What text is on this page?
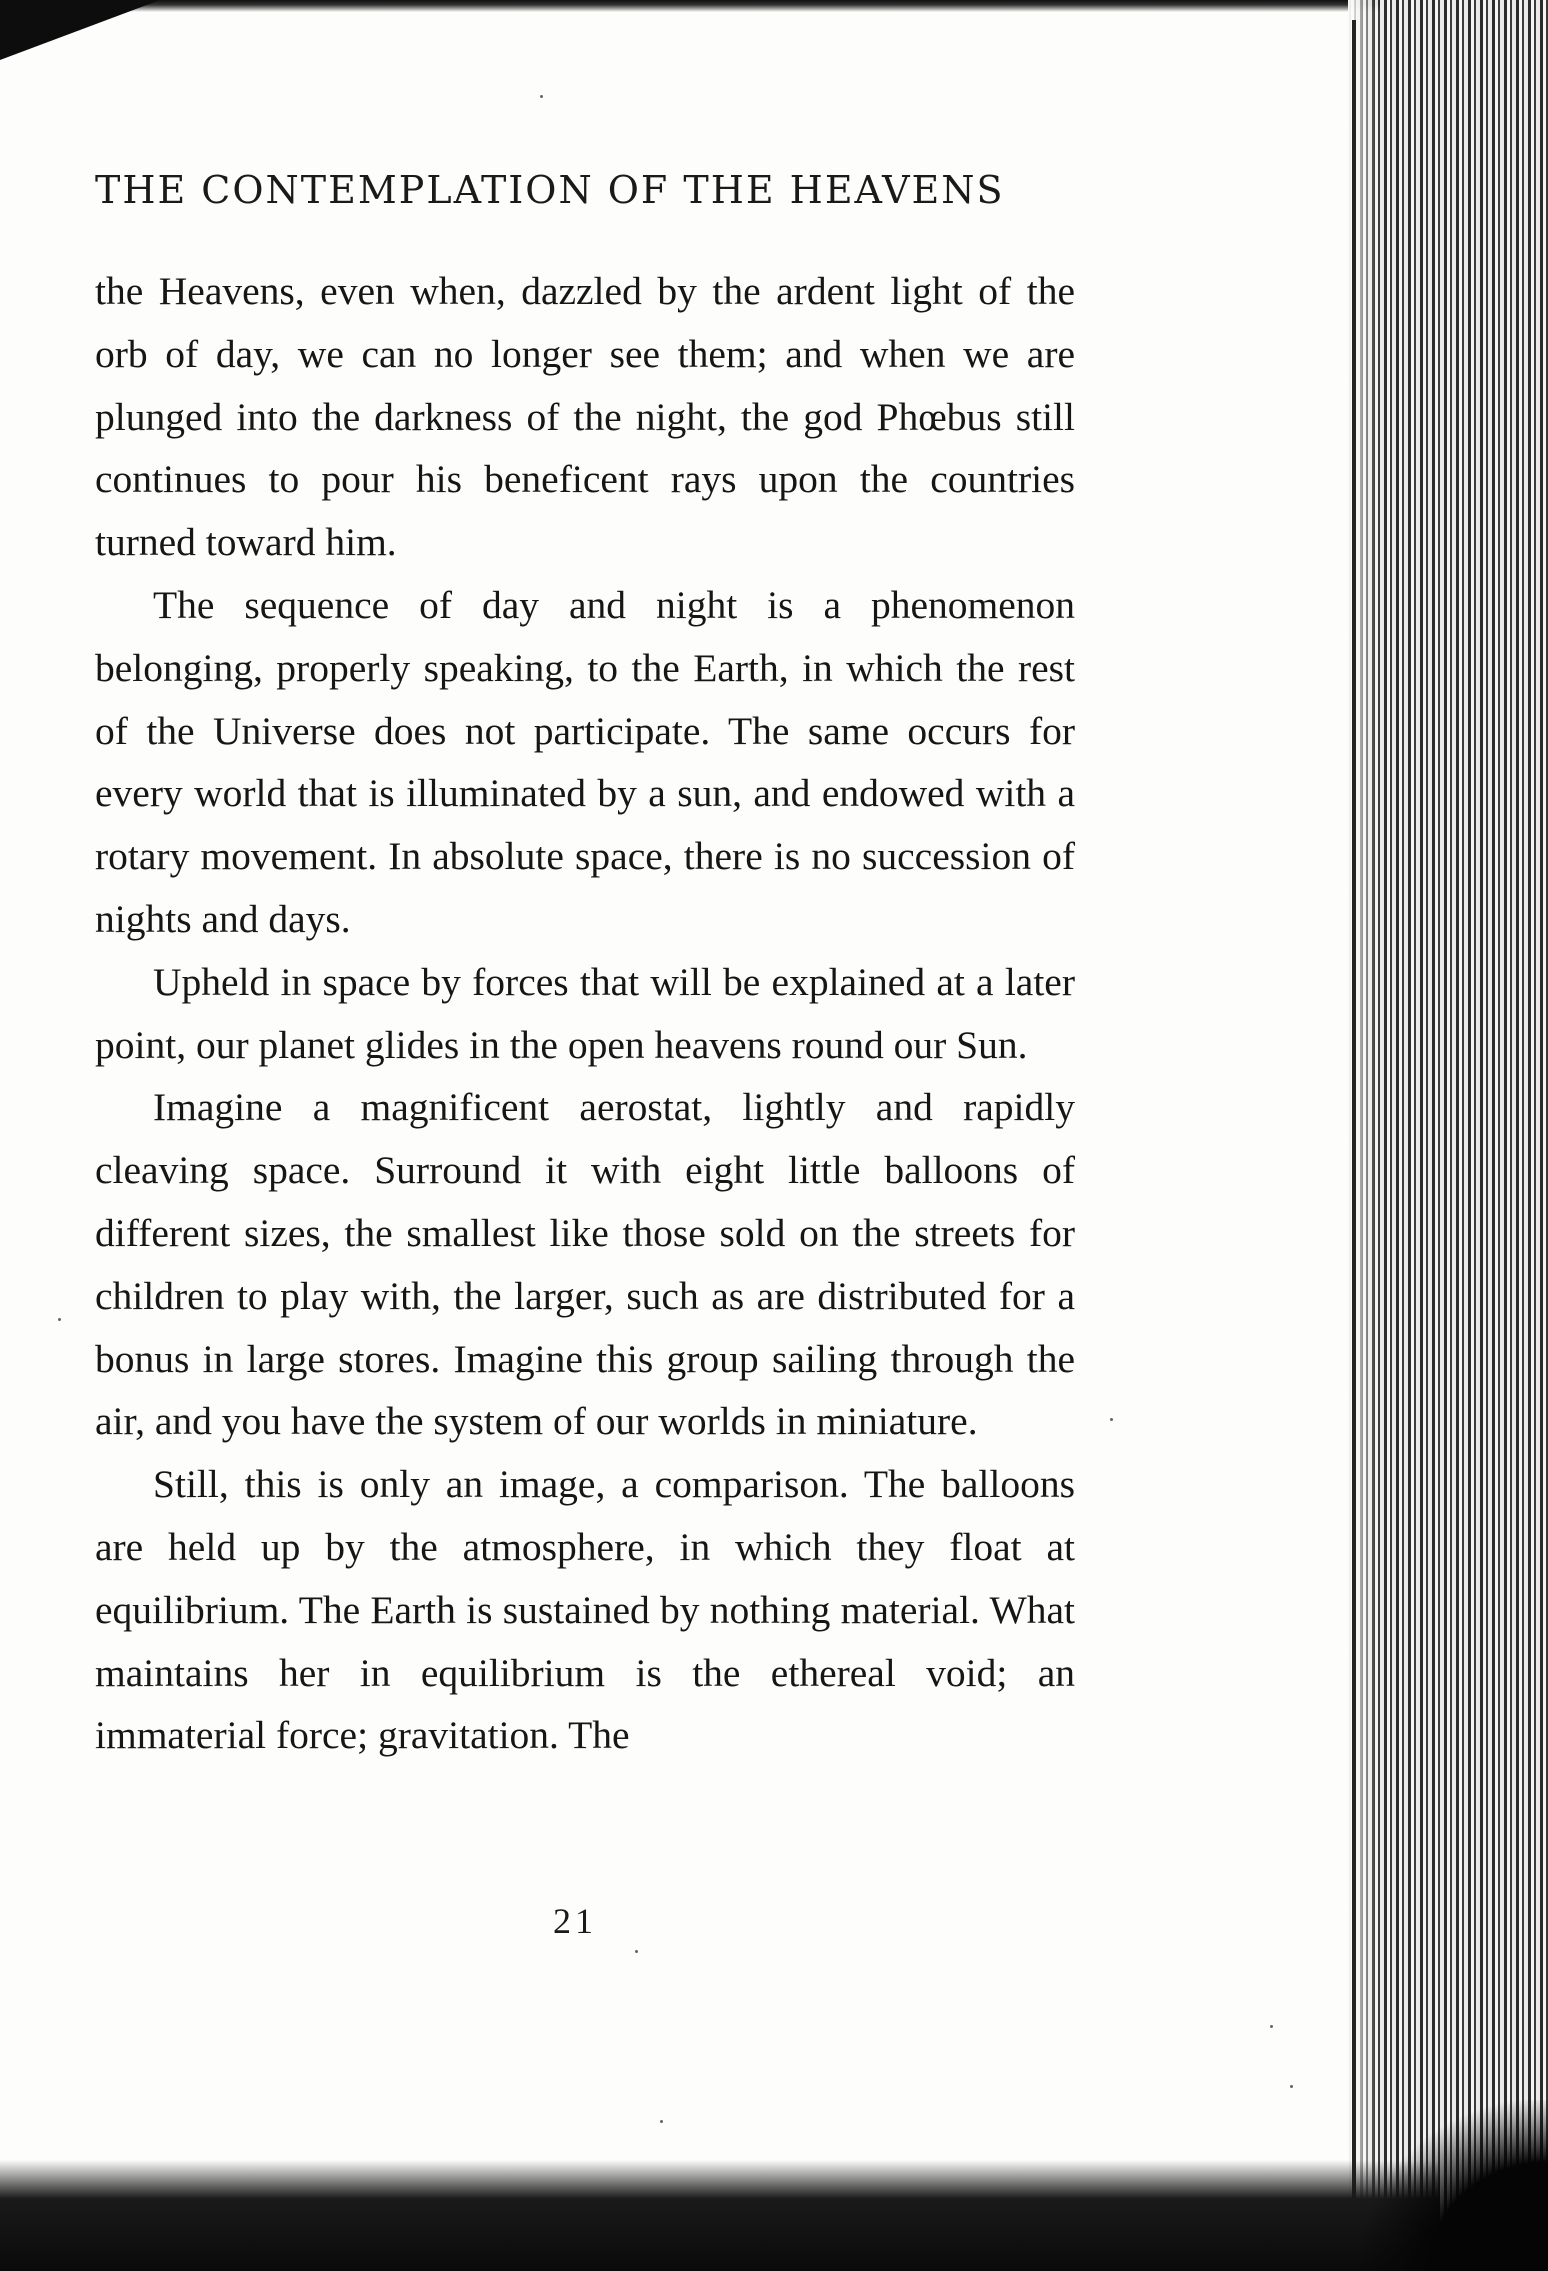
THE CONTEMPLATION OF THE HEAVENS

the Heavens, even when, dazzled by the ardent light of the orb of day, we can no longer see them; and when we are plunged into the darkness of the night, the god Phœbus still continues to pour his beneficent rays upon the countries turned toward him.

The sequence of day and night is a phenomenon belonging, properly speaking, to the Earth, in which the rest of the Universe does not participate. The same occurs for every world that is illuminated by a sun, and endowed with a rotary movement. In absolute space, there is no succession of nights and days.

Upheld in space by forces that will be explained at a later point, our planet glides in the open heavens round our Sun.

Imagine a magnificent aerostat, lightly and rapidly cleaving space. Surround it with eight little balloons of different sizes, the smallest like those sold on the streets for children to play with, the larger, such as are distributed for a bonus in large stores. Imagine this group sailing through the air, and you have the system of our worlds in miniature.

Still, this is only an image, a comparison. The balloons are held up by the atmosphere, in which they float at equilibrium. The Earth is sustained by nothing material. What maintains her in equilibrium is the ethereal void; an immaterial force; gravitation. The

21
